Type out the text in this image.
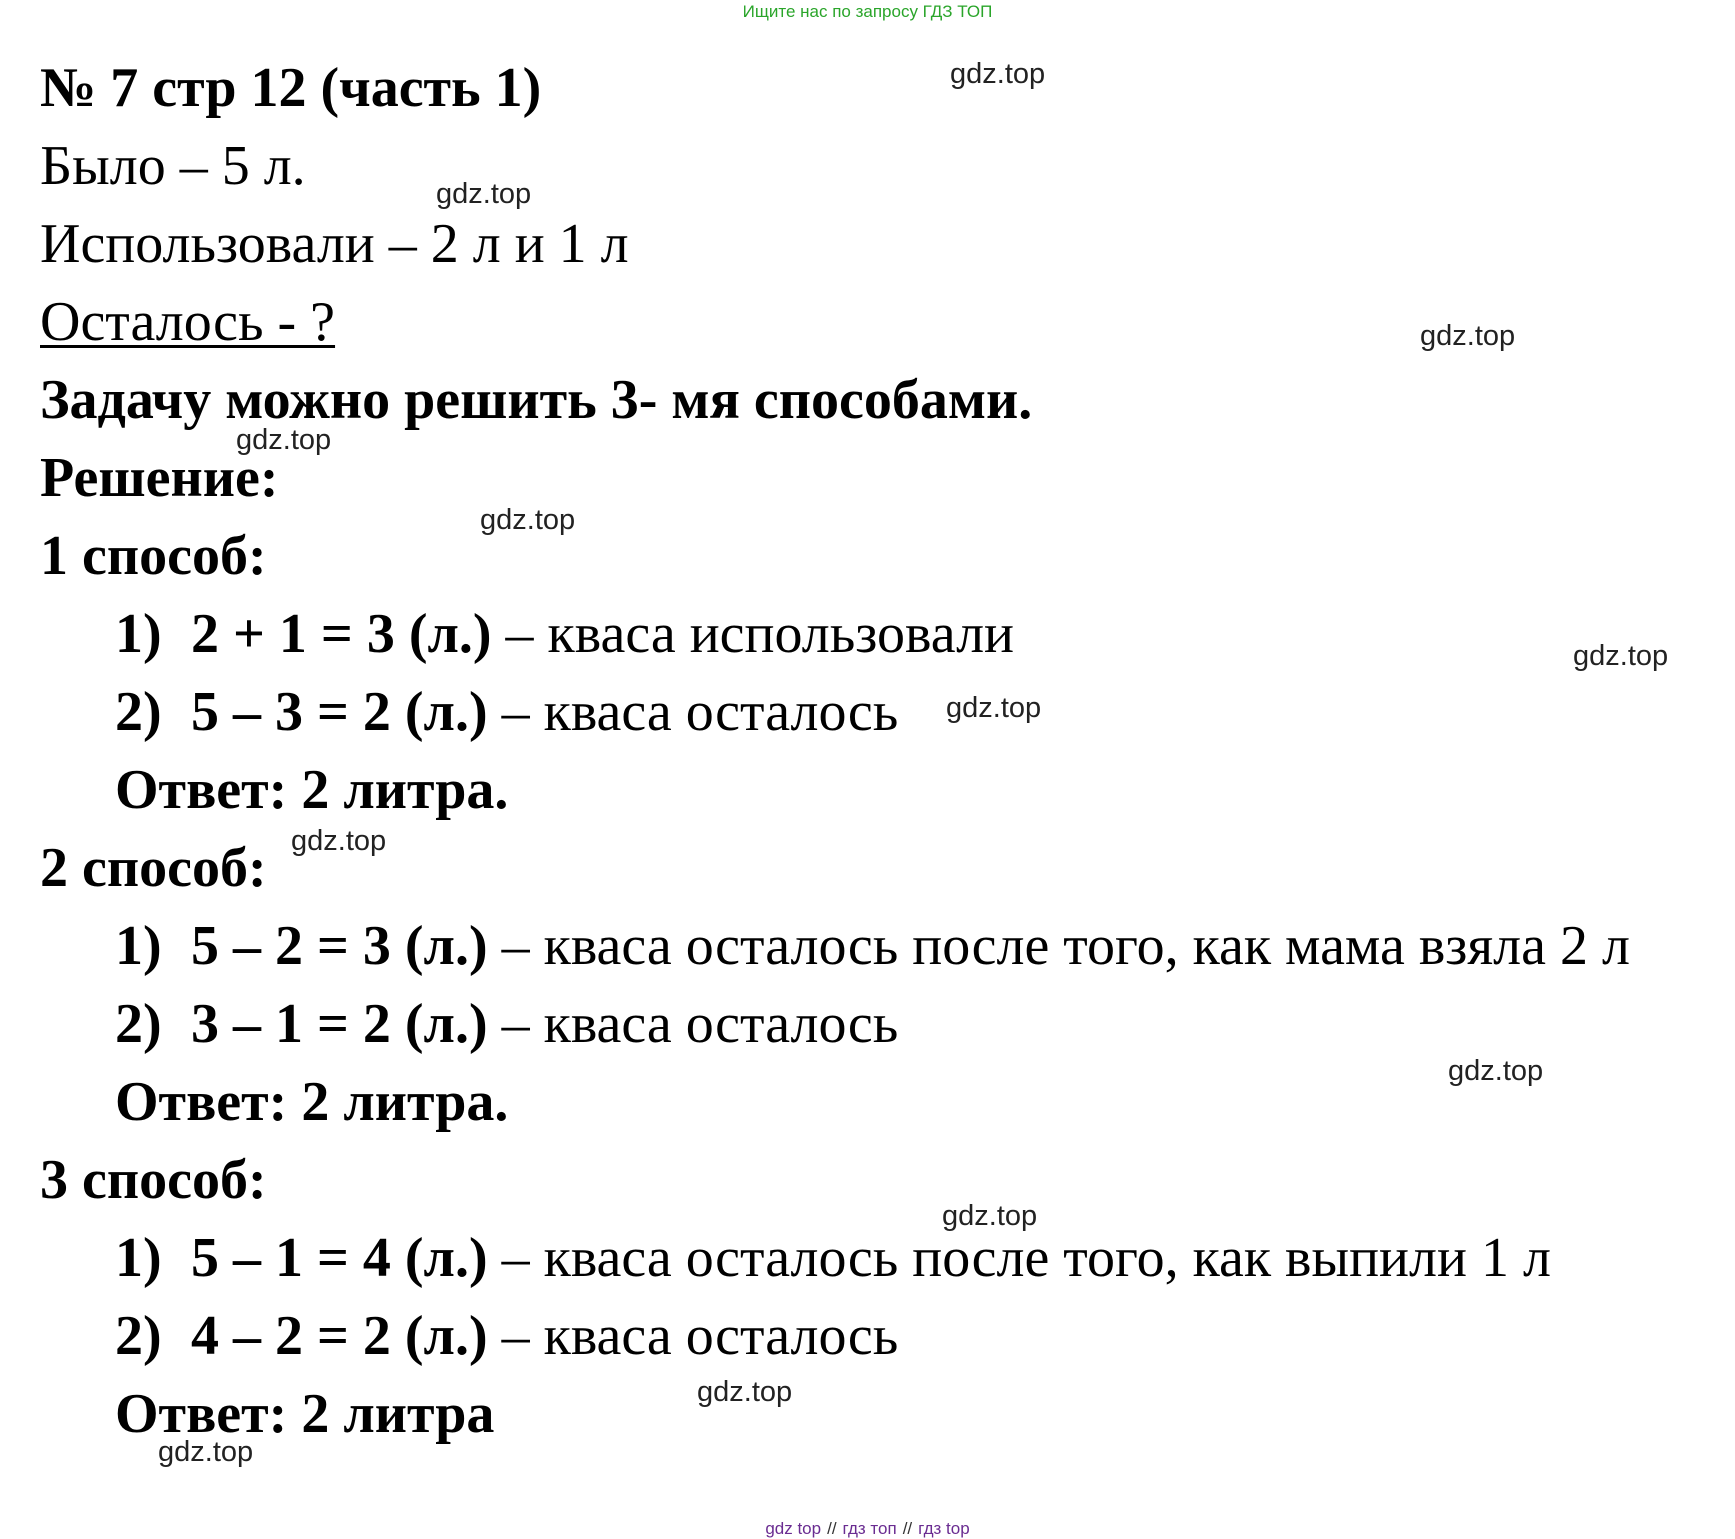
Ищите нас по запросу ГДЗ ТОП
№ 7 стр 12 (часть 1)
Было – 5 л.
Использовали – 2 л и 1 л
Осталось - ?
Задачу можно решить 3- мя способами.
Решение:
1 способ:
1) 2 + 1 = 3 (л.) – кваса использовали
2) 5 – 3 = 2 (л.) – кваса осталось
Ответ: 2 литра.
2 способ:
1) 5 – 2 = 3 (л.) – кваса осталось после того, как мама взяла 2 л
2) 3 – 1 = 2 (л.) – кваса осталось
Ответ: 2 литра.
3 способ:
1) 5 – 1 = 4 (л.) – кваса осталось после того, как выпили 1 л
2) 4 – 2 = 2 (л.) – кваса осталось
Ответ: 2 литра
gdz.top
gdz.top
gdz.top
gdz.top
gdz.top
gdz.top
gdz.top
gdz.top
gdz.top
gdz.top
gdz.top
gdz.top
gdz top // гдз топ // гдз top
